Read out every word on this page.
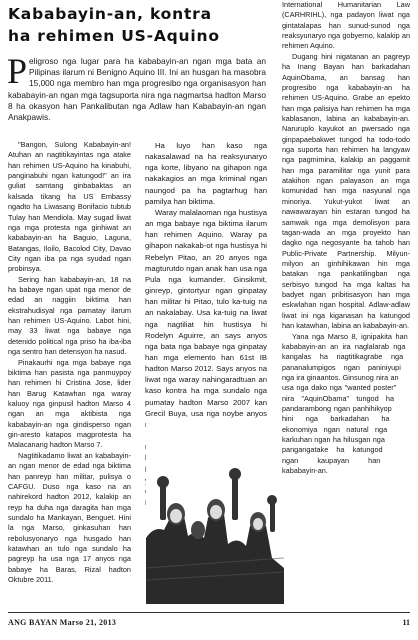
Kababayin-an, kontra ha rehimen US-Aquino

Peligroso nga lugar para ha kababayin-an ngan mga bata an Pilipinas ilarum ni Benigno Aquino III. Ini an husgan ha masobra 15,000 nga membro han mga progresibo nga organisasyon han kababayin-an ngan mga tagsuporta nira nga nagmartsa hadton Marso 8 ha okasyon han Pankalibutan nga Adlaw han Kababayin-an ngan Anakpawis.

"Bangon, Sulong Kababayin-an! Atuhan an nagtitikayintas nga atake han rehimen US-Aquino ha kinabuhi, panginabuhi ngan katungod!" an ira guliat samtang ginbabaktas an kalsada tikang ha US Embassy ngadto ha Liwasang Bonifacio tubtub Tulay han Mendiola. May sugad liwat nga mga protesta nga ginhiwat an kababayin-an ha Baguio, Laguna, Batangas, Iloilo, Bacolod City, Davao City ngan iba pa nga syudad ngan probinsya.

Sering han kababayin-an, 18 na ha babaye ngan upat nga menor de edad an naggiin biktima han ekstrahudisyal nga pamatay ilarum han rehimen US-Aquino. Labot hini, may 33 liwat nga babaye nga detenido political nga priso ha iba-iba nga sentro han detensyon ha nasud.

Pinakaurhi nga mga babaye nga biktima han pasista nga panmuypoy han rehimen hi Cristina Jose, lider han Barug Katawhan nga waray kaluoy nga ginpusil hadton Marso 4 ngan an mga aktibista nga kababayin-an nga gindisperso ngan gin-aresto katapos magprotesta ha Malacanang hadton Marso 7.

Nagtitikadamo liwat an kababayin-an ngan menor de edad nga biktima han panreyp han militar, pulisya o CAFGU. Duso nga kaso na an nahirekord hadton 2012, kalakip an reyp ha duha nga daragita han mga sundalo ha Mankayan, Benguet. Hini la nga Marso, ginkasuhan han rebolusyonaryo nga husgado han katawhan an tulo nga sundalo ha pagreyp ha usa nga 17 anyos nga babaye ha Baras, Rizal hadton Oktubre 2011.

Ha luyo han kaso nga nakasalawad na ha reaksyunaryo nga korte, libyano na gihapon nga nakakagios an mga kriminal ngan naungod pa ha pagtarhug han pamilya han biktima.

Waray malalaoman nga hustisya an mga babaye nga biktima ilarum han rehimen Aquino. Waray pa gihapon nakakab-ot nga hustisya hi Rebelyn Pitao, an 20 anyos nga magturutdo ngan anak han usa nga Pula nga kumander. Ginsikmit, ginreyp, gintortyur ngan ginpatay han militar hi Pitao, tulo ka-tuig na an nakalabay. Usa ka-tuig na liwat nga nagtiliat hin hustisya hi Rodelyn Aguirre, an says anyos nga bata nga babaye nga ginpatay han mga elemento han 61st IB hadton Marso 2012. Says anyos na liwat nga waray nahingaradtuan an kaso kontra ha mga sundalo nga pumatay hadton Marso 2007 kan Grecil Buya, usa nga noybe anyos

International Humanitarian Law (CARHRIHL), nga padayon liwat nga gintatalapas han sunud-sunod nga reaksyunaryo nga gobyerno, kalakip an rehimen Aquino.

Dugang hini nigatanan an pagreyp ha Inang Bayan han barkadahan AquinObama, an bansag han progresibo nga kababayin-an ha rehimen US-Aquino. Grabe an epekto han mga palisiya han rehimen ha mga kablasanon, labina an kababayin-an. Naruruplo kayukot an pwersado nga ginpapaebakwet tungod ha todo-todo nga suporta han rehimen ha langyaw nga pagmimina, kalakip an paggamit han mga paramilitar nga yunit para atakihon ngan palayason an mga komunidad han mga nasyunal nga minoriya. Yukut-yukot liwat an nawawarayan hin estaran tungod ha samwak nga mga demolisyon para tagan-wada an mga proyekto han dagko nga negosyante ha tahob han Public-Private Partnership. Milyun-milyon an ginhihikawan hin mga batakan nga pankatilingban nga serbisyo tungod ha mga kaltas ha badyet ngan pribitisasyon han mga eskwlahan ngan hospital. Adlaw-adlaw liwat ini nga kiganasan ha katungod han katawhan, labina an kababayin-an.

Yana nga Marso 8, ignipakita han kababayin-an an ira naglalarab nga kangalas ha nagtitikagrabe nga pananalumpigos ngan paniniyupi nga ira ginaantos. Ginsunog nira an usa nga dako nga "wanted poster" nira "AquinObama" tungod ha pandarambong ngan panhihikyop hini nga barkadahan ha ekonomiya ngan natural nga karkuhan ngan ha hilusgan nga pangangatake ha katungod ngan kaupayan han kababayin-an.

ANG BAYAN Marso 21, 2013	11
